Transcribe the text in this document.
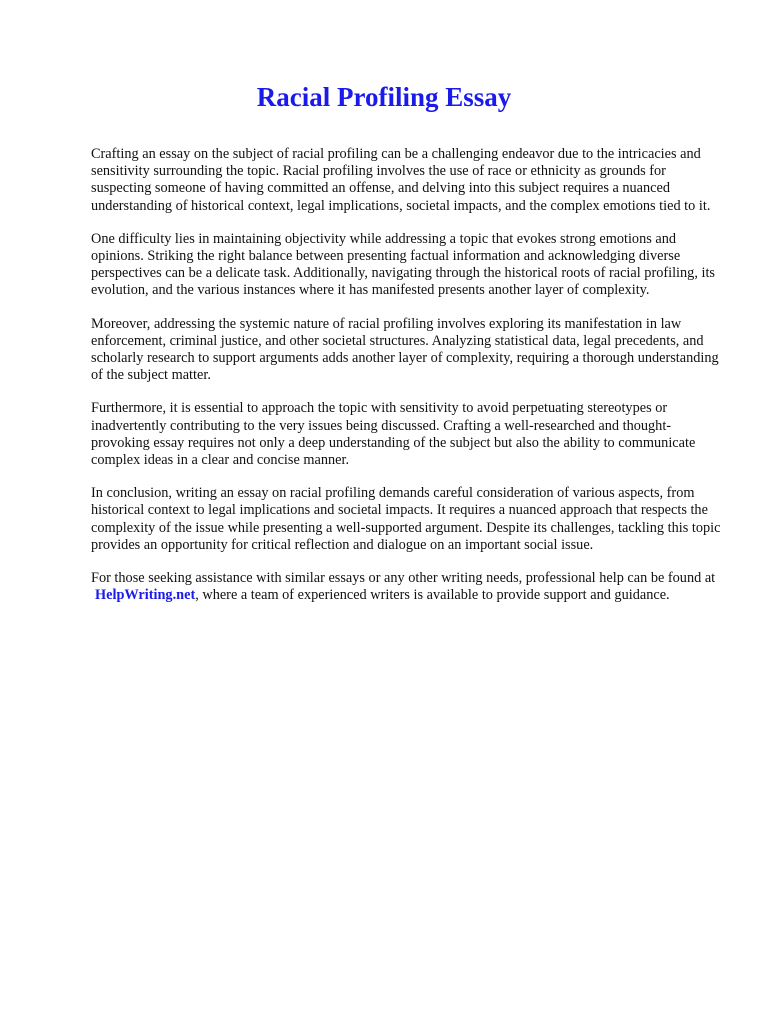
Racial Profiling Essay

Crafting an essay on the subject of racial profiling can be a challenging endeavor due to the intricacies and sensitivity surrounding the topic. Racial profiling involves the use of race or ethnicity as grounds for suspecting someone of having committed an offense, and delving into this subject requires a nuanced understanding of historical context, legal implications, societal impacts, and the complex emotions tied to it.

One difficulty lies in maintaining objectivity while addressing a topic that evokes strong emotions and opinions. Striking the right balance between presenting factual information and acknowledging diverse perspectives can be a delicate task. Additionally, navigating through the historical roots of racial profiling, its evolution, and the various instances where it has manifested presents another layer of complexity.

Moreover, addressing the systemic nature of racial profiling involves exploring its manifestation in law enforcement, criminal justice, and other societal structures. Analyzing statistical data, legal precedents, and scholarly research to support arguments adds another layer of complexity, requiring a thorough understanding of the subject matter.

Furthermore, it is essential to approach the topic with sensitivity to avoid perpetuating stereotypes or inadvertently contributing to the very issues being discussed. Crafting a well-researched and thought-provoking essay requires not only a deep understanding of the subject but also the ability to communicate complex ideas in a clear and concise manner.

In conclusion, writing an essay on racial profiling demands careful consideration of various aspects, from historical context to legal implications and societal impacts. It requires a nuanced approach that respects the complexity of the issue while presenting a well-supported argument. Despite its challenges, tackling this topic provides an opportunity for critical reflection and dialogue on an important social issue.

For those seeking assistance with similar essays or any other writing needs, professional help can be found at HelpWriting.net, where a team of experienced writers is available to provide support and guidance.
